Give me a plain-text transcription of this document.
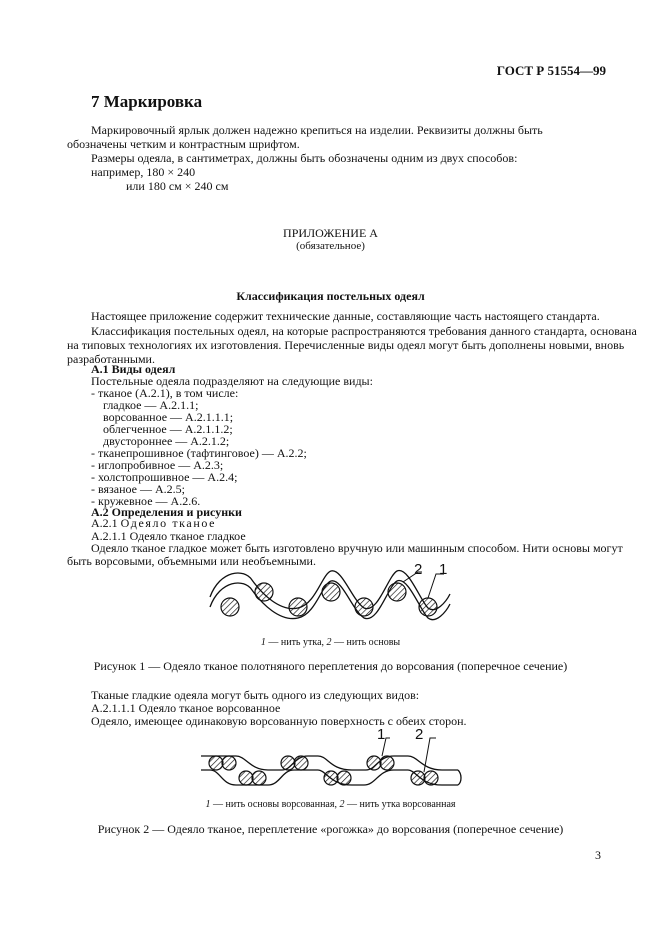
ГОСТ Р 51554—99
7 Маркировка
Маркировочный ярлык должен надежно крепиться на изделии. Реквизиты должны быть
обозначены четким и контрастным шрифтом.
Размеры одеяла, в сантиметрах, должны быть обозначены одним из двух способов:
например, 180 × 240
или 180 см × 240 см
ПРИЛОЖЕНИЕ А
(обязательное)
Классификация постельных одеял
Настоящее приложение содержит технические данные, составляющие часть настоящего стандарта.
Классификация постельных одеял, на которые распространяются требования данного стандарта, основана
на типовых технологиях их изготовления. Перечисленные виды одеял могут быть дополнены новыми, вновь
разработанными.
А.1 Виды одеял
Постельные одеяла подразделяют на следующие виды:
- тканое (А.2.1), в том числе:
гладкое — А.2.1.1;
ворсованное — А.2.1.1.1;
облегченное — А.2.1.1.2;
двустороннее — А.2.1.2;
- тканепрошивное (тафтинговое) — А.2.2;
- иглопробивное — А.2.3;
- холстопрошивное — А.2.4;
- вязаное — А.2.5;
- кружевное — А.2.6.
А.2 Определения и рисунки
А.2.1 Одеяло тканое
А.2.1.1 Одеяло тканое гладкое
Одеяло тканое гладкое может быть изготовлено вручную или машинным способом. Нити основы могут
быть ворсовыми, объемными или необъемными.	2 1
1 — нить утка, 2 — нить основы
Рисунок 1 — Одеяло тканое полотняного переплетения до ворсования (поперечное сечение)
Тканые гладкие одеяла могут быть одного из следующих видов:
А.2.1.1.1 Одеяло тканое ворсованное
Одеяло, имеющее одинаковую ворсованную поверхность с обеих сторон.
1 2
1 — нить основы ворсованная, 2 — нить утка ворсованная
Рисунок 2 — Одеяло тканое, переплетение «рогожка» до ворсования (поперечное сечение)
3
